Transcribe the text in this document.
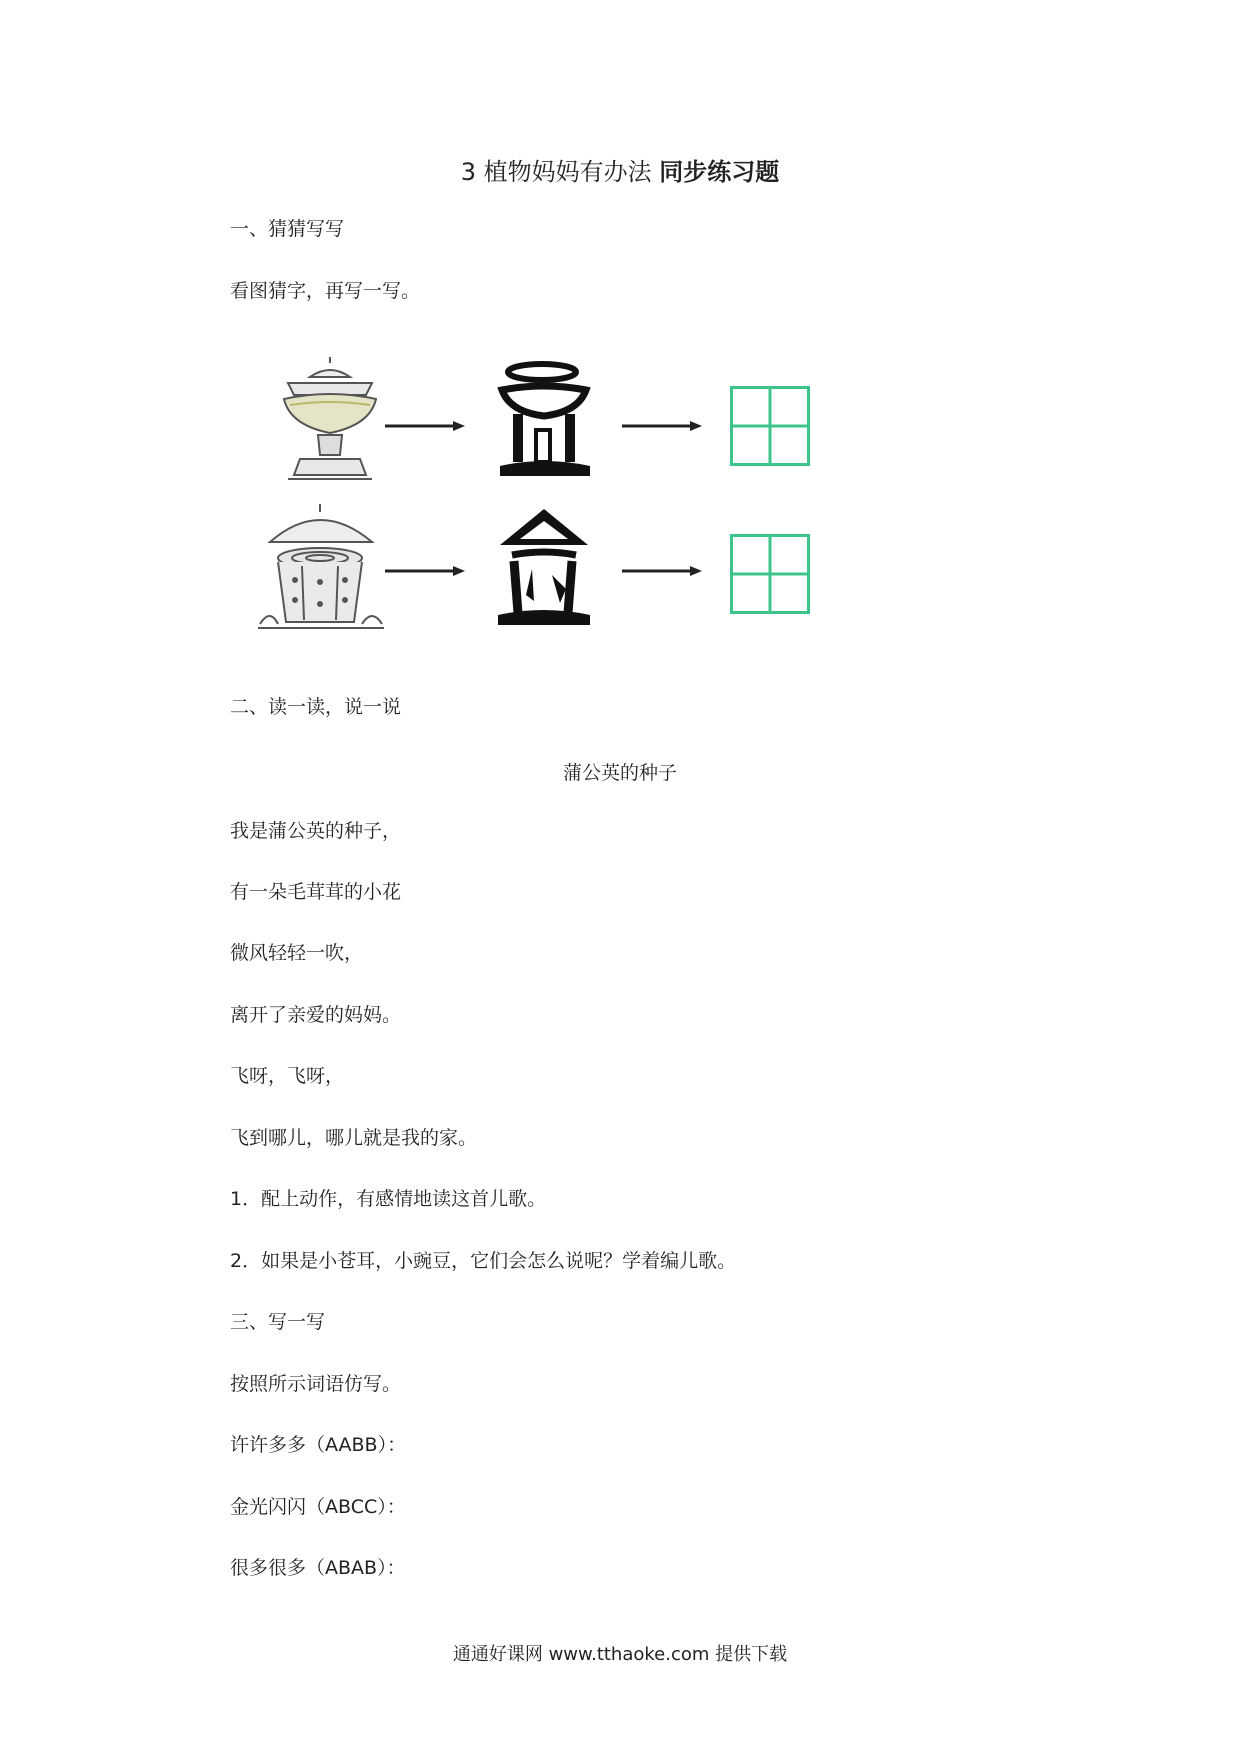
3 植物妈妈有办法 同步练习题
一、猜猜写写
看图猜字，再写一写。
二、读一读，说一说
蒲公英的种子
我是蒲公英的种子，
有一朵毛茸茸的小花
微风轻轻一吹，
离开了亲爱的妈妈。
飞呀，飞呀，
飞到哪儿，哪儿就是我的家。
1．配上动作，有感情地读这首儿歌。
2．如果是小苍耳，小豌豆，它们会怎么说呢？学着编儿歌。
三、写一写
按照所示词语仿写。
许许多多（AABB）：
金光闪闪（ABCC）：
很多很多（ABAB）：
通通好课网 www.tthaoke.com 提供下载
